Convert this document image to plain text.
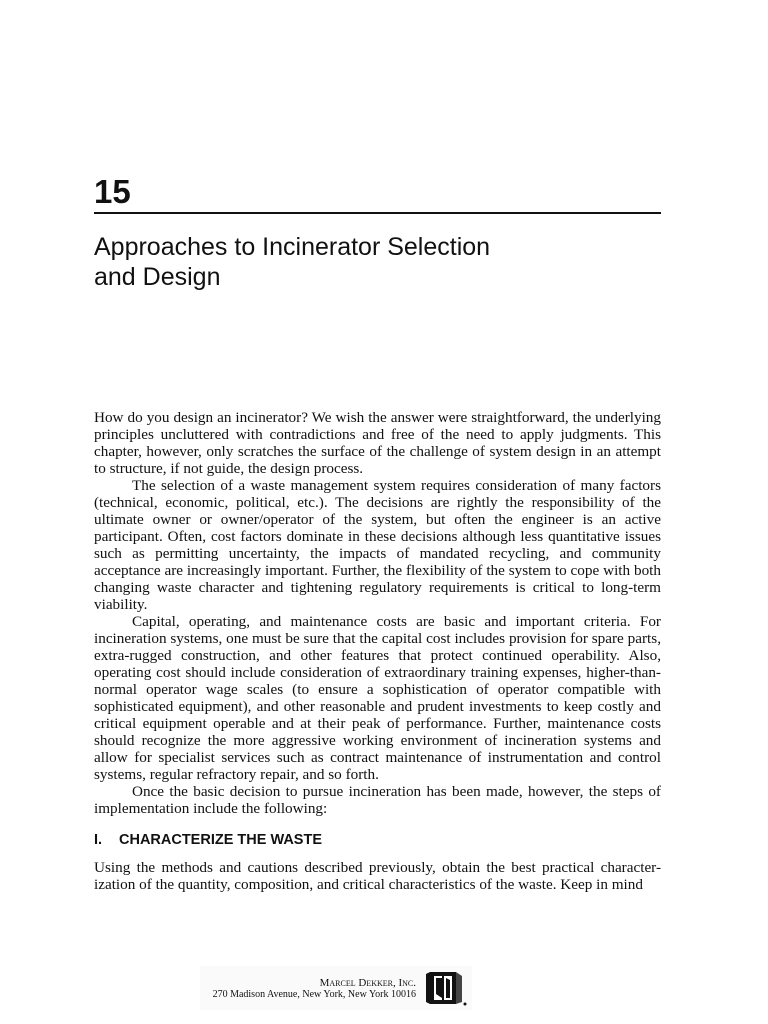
15
Approaches to Incinerator Selection
and Design

How do you design an incinerator? We wish the answer were straightforward, the underlying principles uncluttered with contradictions and free of the need to apply judgments. This chapter, however, only scratches the surface of the challenge of system design in an attempt to structure, if not guide, the design process.

The selection of a waste management system requires consideration of many factors (technical, economic, political, etc.). The decisions are rightly the responsibility of the ultimate owner or owner/operator of the system, but often the engineer is an active participant. Often, cost factors dominate in these decisions although less quantitative issues such as permitting uncertainty, the impacts of mandated recycling, and community acceptance are increasingly important. Further, the flexibility of the system to cope with both changing waste character and tightening regulatory requirements is critical to long-term viability.

Capital, operating, and maintenance costs are basic and important criteria. For incineration systems, one must be sure that the capital cost includes provision for spare parts, extra-rugged construction, and other features that protect continued operability. Also, operating cost should include consideration of extraordinary training expenses, higher-than-normal operator wage scales (to ensure a sophistication of operator compatible with sophisticated equipment), and other reasonable and prudent investments to keep costly and critical equipment operable and at their peak of performance. Further, maintenance costs should recognize the more aggressive working environment of incineration systems and allow for specialist services such as contract maintenance of instrumentation and control systems, regular refractory repair, and so forth.

Once the basic decision to pursue incineration has been made, however, the steps of implementation include the following:

I. CHARACTERIZE THE WASTE

Using the methods and cautions described previously, obtain the best practical character-ization of the quantity, composition, and critical characteristics of the waste. Keep in mind

Marcel Dekker, Inc.
270 Madison Avenue, New York, New York 10016
